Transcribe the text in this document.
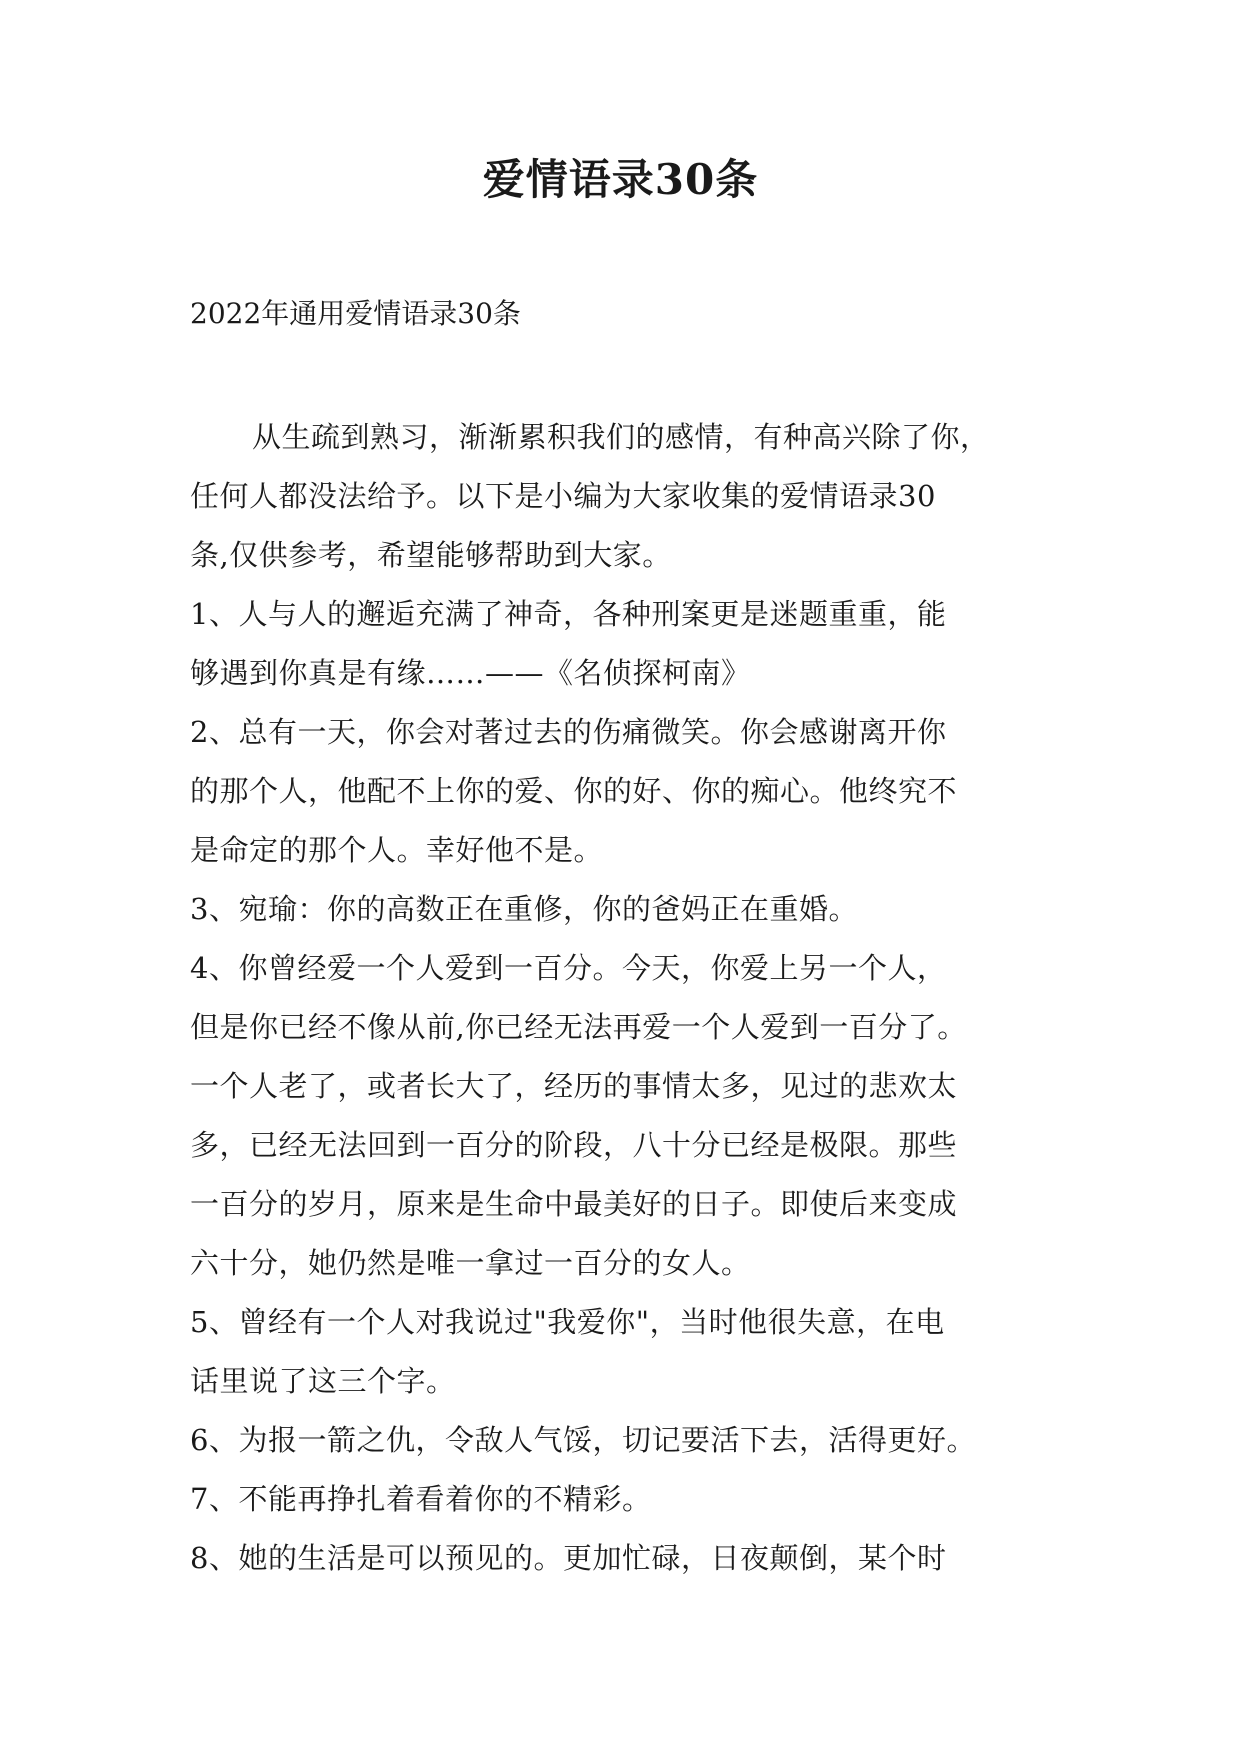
爱情语录30条
2022年通用爱情语录30条
从生疏到熟习，渐渐累积我们的感情，有种高兴除了你，
任何人都没法给予。以下是小编为大家收集的爱情语录30
条,仅供参考，希望能够帮助到大家。
1、人与人的邂逅充满了神奇，各种刑案更是迷题重重，能
够遇到你真是有缘……——《名侦探柯南》
2、总有一天，你会对著过去的伤痛微笑。你会感谢离开你
的那个人，他配不上你的爱、你的好、你的痴心。他终究不
是命定的那个人。幸好他不是。
3、宛瑜：你的高数正在重修，你的爸妈正在重婚。
4、你曾经爱一个人爱到一百分。今天，你爱上另一个人，
但是你已经不像从前,你已经无法再爱一个人爱到一百分了。
一个人老了，或者长大了，经历的事情太多，见过的悲欢太
多，已经无法回到一百分的阶段，八十分已经是极限。那些
一百分的岁月，原来是生命中最美好的日子。即使后来变成
六十分，她仍然是唯一拿过一百分的女人。
5、曾经有一个人对我说过"我爱你"，当时他很失意，在电
话里说了这三个字。
6、为报一箭之仇，令敌人气馁，切记要活下去，活得更好。
7、不能再挣扎着看着你的不精彩。
8、她的生活是可以预见的。更加忙碌，日夜颠倒，某个时
